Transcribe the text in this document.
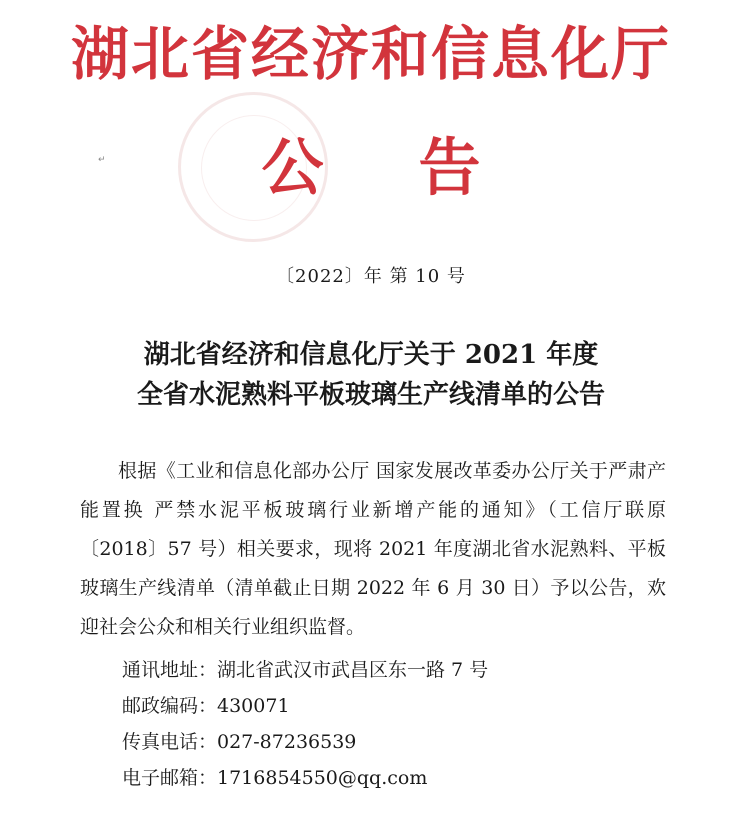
湖北省经济和信息化厅
↵	公告
〔2022〕年 第 10 号
湖北省经济和信息化厅关于 2021 年度
全省水泥熟料平板玻璃生产线清单的公告

根据《工业和信息化部办公厅 国家发展改革委办公厅关于严肃产能置换 严禁水泥平板玻璃行业新增产能的通知》（工信厅联原〔2018〕57 号）相关要求，现将 2021 年度湖北省水泥熟料、平板玻璃生产线清单（清单截止日期 2022 年 6 月 30 日）予以公告，欢迎社会公众和相关行业组织监督。

通讯地址：湖北省武汉市武昌区东一路 7 号
邮政编码：430071
传真电话：027-87236539
电子邮箱：1716854550@qq.com
